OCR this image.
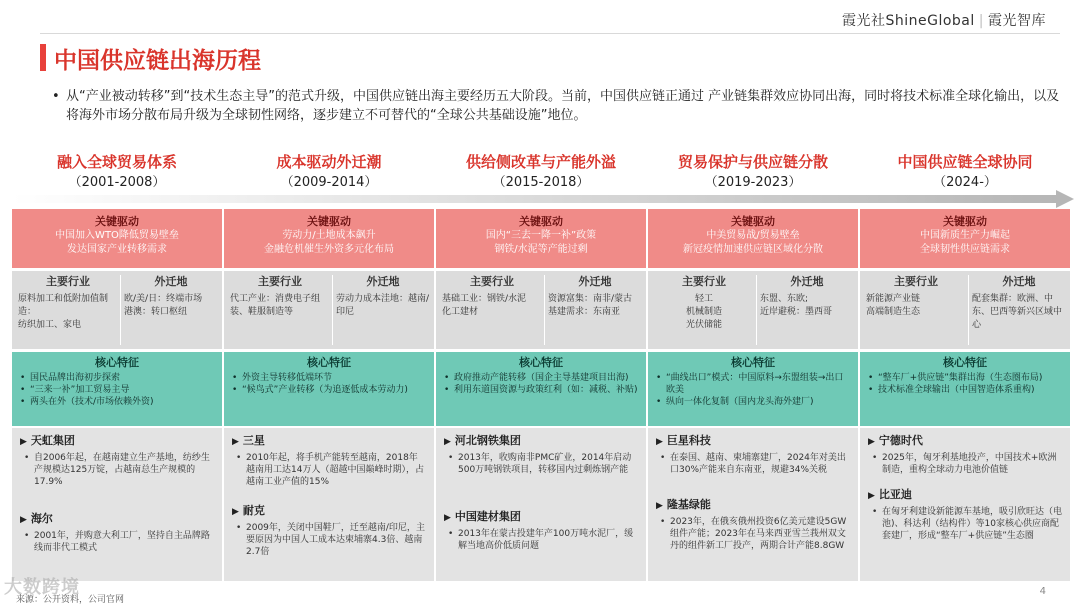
霞光社ShineGlobal | 霞光智库
中国供应链出海历程
• 从“产业被动转移”到“技术生态主导”的范式升级，中国供应链出海主要经历五大阶段。当前，中国供应链正通过 产业链集群效应协同出海，同时将技术标准全球化输出，以及将海外市场分散布局升级为全球韧性网络，逐步建立不可替代的“全球公共基础设施”地位。
融入全球贸易体系
（2001-2008）
关键驱动
中国加入WTO降低贸易壁垒
发达国家产业转移需求
主要行业
原料加工和低附加值制造：
纺织加工、家电
外迁地
欧/美/日：终端市场
港澳：转口枢纽
核心特征
• 国民品牌出海初步探索
• “三来一补”加工贸易主导
• 两头在外（技术/市场依赖外资)
▶ 天虹集团
• 自2006年起，在越南建立生产基地，纺纱生产规模达125万锭，占越南总生产规模的17.9%
▶ 海尔
• 2001年，并购意大利工厂，坚持自主品牌路线而非代工模式
成本驱动外迁潮
（2009-2014）
关键驱动
劳动力/土地成本飙升
金融危机催生外资多元化布局
主要行业
代工产业：消费电子组装、鞋服制造等
外迁地
劳动力成本洼地：越南/印尼
核心特征
• 外资主导转移低端环节
• “候鸟式”产业转移（为追逐低成本劳动力)
▶ 三星
• 2010年起，将手机产能转至越南，2018年越南用工达14万人（超越中国巅峰时期），占越南工业产值的15%
▶ 耐克
• 2009年，关闭中国鞋厂，迁至越南/印尼，主要原因为中国人工成本达柬埔寨4.3倍、越南2.7倍
供给侧改革与产能外溢
（2015-2018）
关键驱动
国内“三去一降一补”政策
钢铁/水泥等产能过剩
主要行业
基础工业：钢铁/水泥
化工建材
外迁地
资源富集：南非/蒙古
基建需求：东南亚
核心特征
• 政府推动产能转移（国企主导基建项目出海)
• 利用东道国资源与政策红利（如：减税、补贴)
▶ 河北钢铁集团
• 2013年，收购南非PMC矿业，2014年启动500万吨钢铁项目，转移国内过剩炼钢产能
▶ 中国建材集团
• 2013年在蒙古投建年产100万吨水泥厂，缓解当地高价低质问题
贸易保护与供应链分散
（2019-2023）
关键驱动
中美贸易战/贸易壁垒
新冠疫情加速供应链区域化分散
主要行业
轻工
机械制造
光伏储能
外迁地
东盟、东欧;
近岸避税：墨西哥
核心特征
• “曲线出口”模式：中国原料→东盟组装→出口欧美
• 纵向一体化复制（国内龙头海外建厂)
▶ 巨星科技
• 在泰国、越南、柬埔寨建厂，2024年对美出口30%产能来自东南亚，规避34%关税
▶ 隆基绿能
• 2023年，在俄亥俄州投资6亿美元建设5GW组件产能；2023年在马来西亚雪兰莪州双文丹的组件新工厂投产，两期合计产能8.8GW
中国供应链全球协同
（2024-）
关键驱动
中国新质生产力崛起
全球韧性供应链需求
主要行业
新能源产业链
高端制造生态
外迁地
配套集群：欧洲、中东、巴西等新兴区域中心
核心特征
• “整车厂+供应链”集群出海（生态圈布局)
• 技术标准全球输出（中国智造体系重构)
▶ 宁德时代
• 2025年，匈牙利基地投产，中国技术+欧洲制造，重构全球动力电池价值链
▶ 比亚迪
• 在匈牙利建设新能源车基地，吸引欣旺达（电池)、科达利（结构件）等10家核心供应商配套建厂，形成“整车厂+供应链”生态圈
大数跨境
来源：公开资料，公司官网
4
